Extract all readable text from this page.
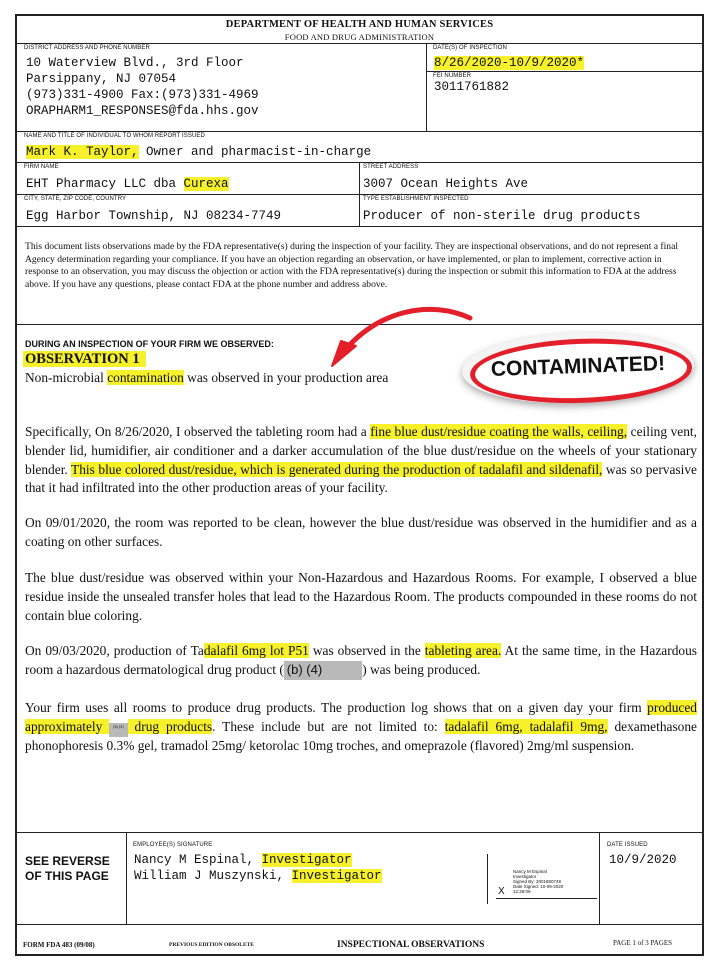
DEPARTMENT OF HEALTH AND HUMAN SERVICES
FOOD AND DRUG ADMINISTRATION
DISTRICT ADDRESS AND PHONE NUMBER
10 Waterview Blvd., 3rd Floor
Parsippany, NJ 07054
(973)331-4900 Fax:(973)331-4969
ORAPHARM1_RESPONSES@fda.hhs.gov
DATE(S) OF INSPECTION
8/26/2020-10/9/2020*
FEI NUMBER
3011761882
NAME AND TITLE OF INDIVIDUAL TO WHOM REPORT ISSUED
Mark K. Taylor, Owner and pharmacist-in-charge
FIRM NAME
EHT Pharmacy LLC dba Curexa
STREET ADDRESS
3007 Ocean Heights Ave
CITY, STATE, ZIP CODE, COUNTRY
Egg Harbor Township, NJ 08234-7749
TYPE ESTABLISHMENT INSPECTED
Producer of non-sterile drug products
This document lists observations made by the FDA representative(s) during the inspection of your facility. They are inspectional observations, and do not represent a final Agency determination regarding your compliance. If you have an objection regarding an observation, or have implemented, or plan to implement, corrective action in response to an observation, you may discuss the objection or action with the FDA representative(s) during the inspection or submit this information to FDA at the address above. If you have any questions, please contact FDA at the phone number and address above.
DURING AN INSPECTION OF YOUR FIRM WE OBSERVED:
OBSERVATION 1
Non-microbial contamination was observed in your production area
Specifically, On 8/26/2020, I observed the tableting room had a fine blue dust/residue coating the walls, ceiling, ceiling vent, blender lid, humidifier, air conditioner and a darker accumulation of the blue dust/residue on the wheels of your stationary blender. This blue colored dust/residue, which is generated during the production of tadalafil and sildenafil, was so pervasive that it had infiltrated into the other production areas of your facility.
On 09/01/2020, the room was reported to be clean, however the blue dust/residue was observed in the humidifier and as a coating on other surfaces.
The blue dust/residue was observed within your Non-Hazardous and Hazardous Rooms. For example, I observed a blue residue inside the unsealed transfer holes that lead to the Hazardous Room. The products compounded in these rooms do not contain blue coloring.
On 09/03/2020, production of Tadalafil 6mg lot P51 was observed in the tableting area. At the same time, in the Hazardous room a hazardous dermatological drug product ( (b) (4)	) was being produced.
Your firm uses all rooms to produce drug products. The production log shows that on a given day your firm produced approximately $^{(b) (4)}$ drug products. These include but are not limited to: tadalafil 6mg, tadalafil 9mg, dexamethasone phonophoresis 0.3% gel, tramadol 25mg/ ketorolac 10mg troches, and omeprazole (flavored) 2mg/ml suspension.
SEE REVERSE
OF THIS PAGE
EMPLOYEE(S) SIGNATURE
Nancy M Espinal, Investigator
William J Muszynski, Investigator	Nancy M Espinal
Investigator
Signed By: 2001860749
Date Signed: 10-09-2020
12:28:09
X
DATE ISSUED
10/9/2020
FORM FDA 483 (09/08)	PREVIOUS EDITION OBSOLETE	INSPECTIONAL OBSERVATIONS	PAGE 1 of 3 PAGES
CONTAMINATED!
